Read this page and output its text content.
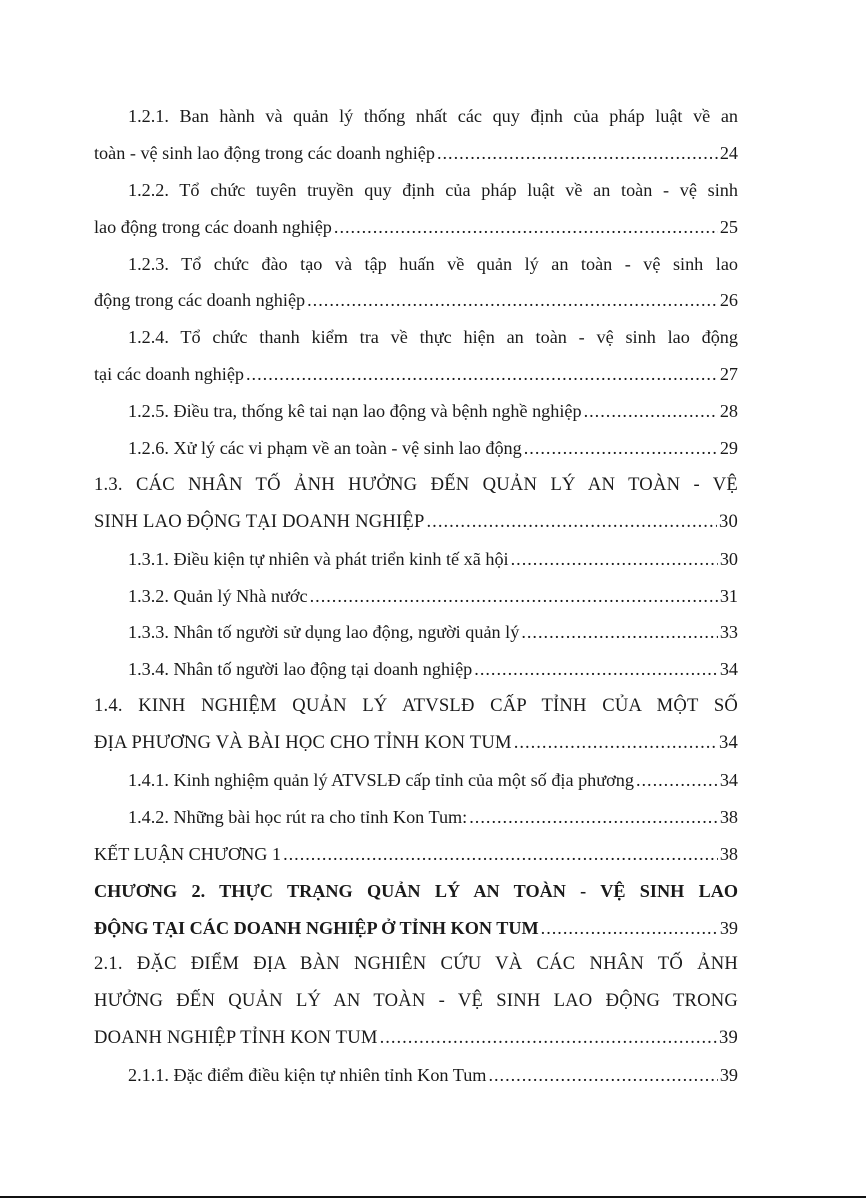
1.2.1. Ban hành và quản lý thống nhất các quy định của pháp luật về an
toàn - vệ sinh lao động trong các doanh nghiệp .....	24
1.2.2. Tổ chức tuyên truyền quy định của pháp luật về an toàn - vệ sinh
lao động trong các doanh nghiệp .....	25
1.2.3. Tổ chức đào tạo và tập huấn về quản lý an toàn - vệ sinh lao
động trong các doanh nghiệp .....	26
1.2.4. Tổ chức thanh kiểm tra về thực hiện an toàn - vệ sinh lao động
tại các doanh nghiệp .....	27
1.2.5. Điều tra, thống kê tai nạn lao động và bệnh nghề nghiệp .....	28
1.2.6. Xử lý các vi phạm về an toàn - vệ sinh lao động .....	29
1.3. CÁC NHÂN TỐ ẢNH HƯỞNG ĐẾN QUẢN LÝ AN TOÀN - VỆ
SINH LAO ĐỘNG TẠI DOANH NGHIỆP .....	30
1.3.1. Điều kiện tự nhiên và phát triển kinh tế xã hội .....	30
1.3.2. Quản lý Nhà nước .....	31
1.3.3. Nhân tố người sử dụng lao động, người quản lý .....	33
1.3.4. Nhân tố người lao động tại doanh nghiệp .....	34
1.4. KINH NGHIỆM QUẢN LÝ ATVSLĐ CẤP TỈNH CỦA MỘT SỐ
ĐỊA PHƯƠNG VÀ BÀI HỌC CHO TỈNH KON TUM .....	34
1.4.1. Kinh nghiệm quản lý ATVSLĐ cấp tỉnh của một số địa phương .....	34
1.4.2. Những bài học rút ra cho tỉnh Kon Tum: .....	38
KẾT LUẬN CHƯƠNG 1 .....	38
CHƯƠNG 2. THỰC TRẠNG QUẢN LÝ AN TOÀN - VỆ SINH LAO
ĐỘNG TẠI CÁC DOANH NGHIỆP Ở TỈNH KON TUM .....	39
2.1. ĐẶC ĐIỂM ĐỊA BÀN NGHIÊN CỨU VÀ CÁC NHÂN TỐ ẢNH
HƯỞNG ĐẾN QUẢN LÝ AN TOÀN - VỆ SINH LAO ĐỘNG TRONG
DOANH NGHIỆP TỈNH KON TUM .....	39
2.1.1. Đặc điểm điều kiện tự nhiên tỉnh Kon Tum .....	39
